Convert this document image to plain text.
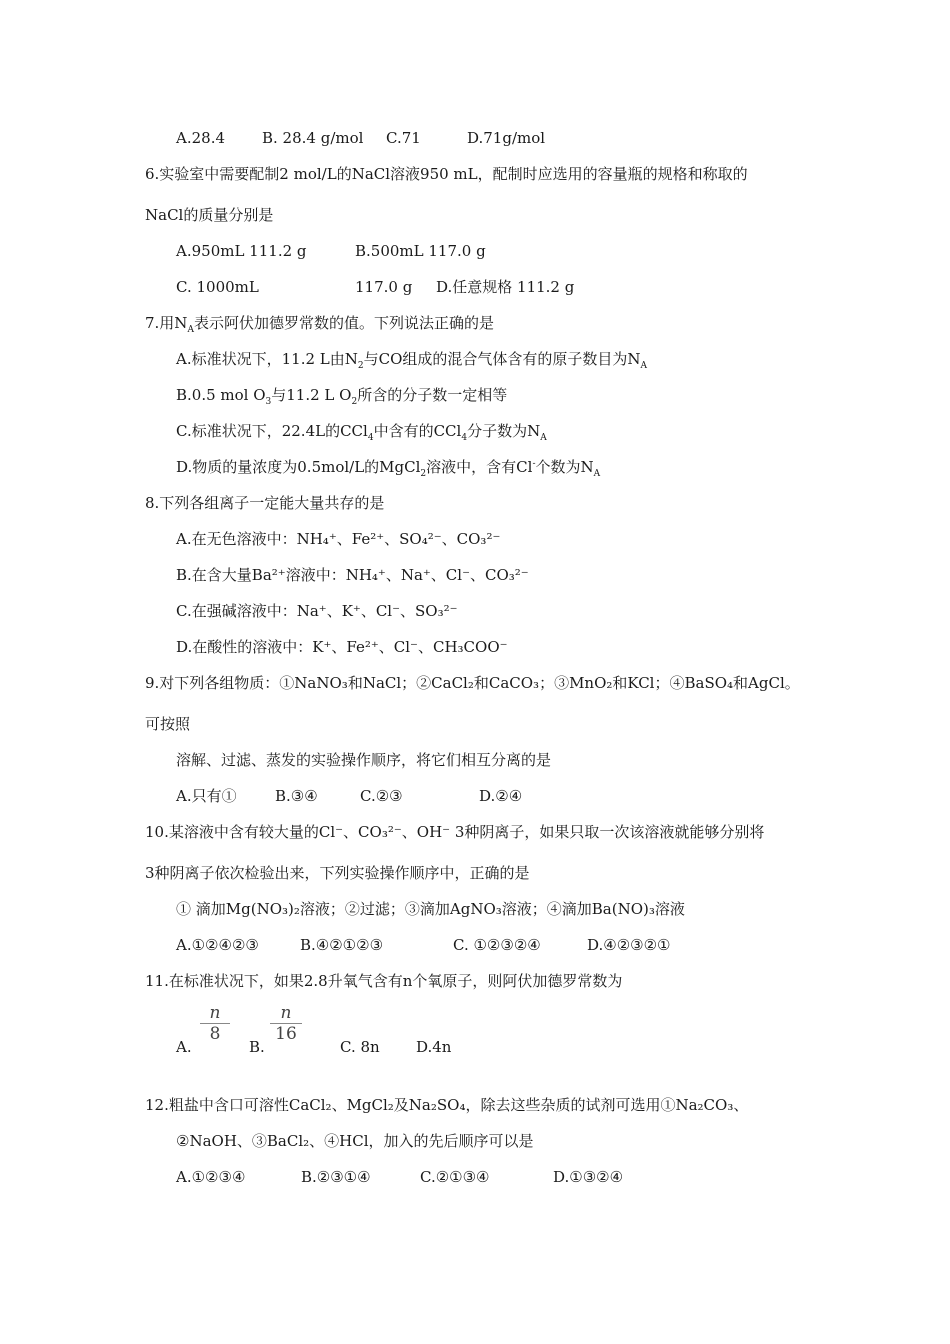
A.28.4 B. 28.4 g/mol C.71	D.71g/mol
6.实验室中需要配制2 mol/L的NaCl溶液950 mL，配制时应选用的容量瓶的规格和称取的
NaCl的质量分别是
A.950mL 111.2 g	B.500mL 117.0 g
C. 1000mL	117.0 g D.任意规格 111.2 g
7.用$N_A$表示阿伏加德罗常数的值。下列说法正确的是
A.标准状况下，11.2 L由$N_2$与CO组成的混合气体含有的原子数目为$N_A$
B.0.5 mol $O_3$与11.2 L $O_2$所含的分子数一定相等
C.标准状况下，22.4L的CCl$_4$中含有的CCl$_4$分子数为$N_A$
D.物质的量浓度为0.5mol/L的MgCl$_2$溶液中，含有Cl-个数为$N_A$
8.下列各组离子一定能大量共存的是
A.在无色溶液中：NH₄⁺、Fe²⁺、SO₄²⁻、CO₃²⁻
B.在含大量Ba²⁺溶液中：NH₄⁺、Na⁺、Cl⁻、CO₃²⁻
C.在强碱溶液中：Na⁺、K⁺、Cl⁻、SO₃²⁻
D.在酸性的溶液中：K⁺、Fe²⁺、Cl⁻、CH₃COO⁻
9.对下列各组物质：①NaNO₃和NaCl；②CaCl₂和CaCO₃；③MnO₂和KCl；④BaSO₄和AgCl。
可按照
溶解、过滤、蒸发的实验操作顺序，将它们相互分离的是
A.只有①	B.③④	C.②③	D.②④
10.某溶液中含有较大量的Cl⁻、CO₃²⁻、OH⁻ 3种阴离子，如果只取一次该溶液就能够分别将
3种阴离子依次检验出来，下列实验操作顺序中，正确的是
① 滴加Mg(NO₃)₂溶液；②过滤；③滴加AgNO₃溶液；④滴加Ba(NO)₃溶液
A.①②④②③	B.④②①②③	C. ①②③②④	D.④②③②①
11.在标准状况下，如果2.8升氧气含有n个氧原子，则阿伏加德罗常数为
A.
n
8
B.
n
16
C. 8n D.4n
12.粗盐中含口可溶性CaCl₂、MgCl₂及Na₂SO₄，除去这些杂质的试剂可选用①Na₂CO₃、
②NaOH、③BaCl₂、④HCl，加入的先后顺序可以是
A.①②③④	B.②③①④	C.②①③④	D.①③②④
